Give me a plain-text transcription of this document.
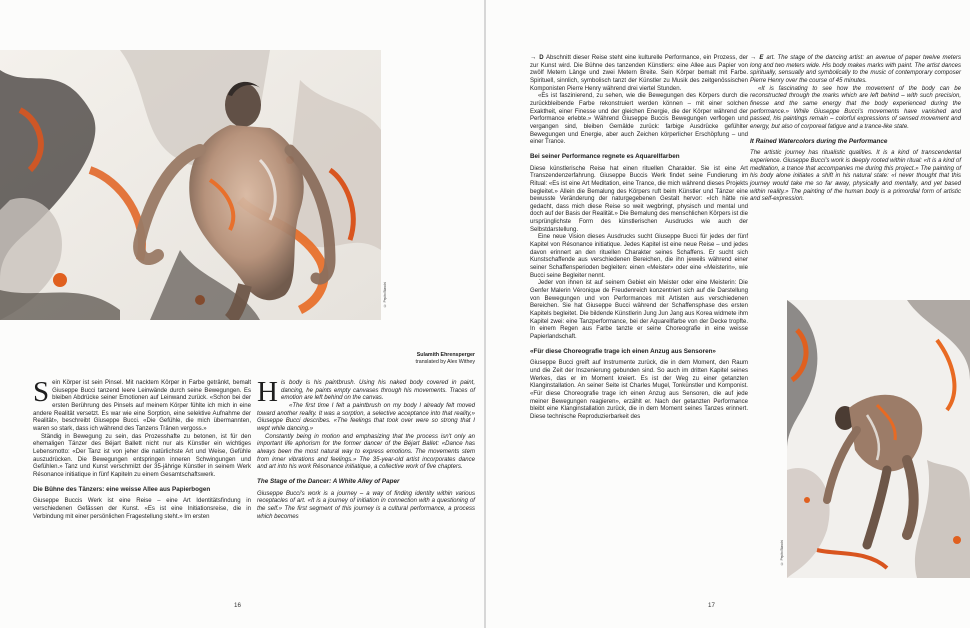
© Pepito Bianchi
Sulamith Ehrensperger
translated by Alex Withey

Sein Körper ist sein Pinsel. Mit nacktem Körper in Farbe getränkt, bemalt Giuseppe Bucci tanzend leere Leinwände durch seine Bewegungen. Es bleiben Abdrücke seiner Emotionen auf Leinwand zurück. «Schon bei der ersten Berührung des Pinsels auf meinem Körper fühlte ich mich in eine andere Realität versetzt. Es war wie eine Sorption, eine selektive Aufnahme der Realität», beschreibt Giuseppe Bucci. «Die Gefühle, die mich übermannten, waren so stark, dass ich während des Tanzens Tränen vergoss.»

Ständig in Bewegung zu sein, das Prozesshafte zu betonen, ist für den ehemaligen Tänzer des Béjart Ballett nicht nur als Künstler ein wichtiges Lebensmotto: «Der Tanz ist von jeher die natürlichste Art und Weise, Gefühle auszudrücken. Die Bewegungen entspringen inneren Schwingungen und Gefühlen.» Tanz und Kunst verschmilzt der 35-jährige Künstler in seinem Werk Résonance initiatique in fünf Kapiteln zu einem Gesamtschaftswerk.

Die Bühne des Tänzers: eine weisse Allee aus Papierbogen

Giuseppe Buccis Werk ist eine Reise – eine Art Identitätsfindung in verschiedenen Gefässen der Kunst. «Es ist eine Initiationsreise, die in Verbindung mit einer persönlichen Fragestellung steht.» Im ersten

His body is his paintbrush. Using his naked body covered in paint, dancing, he paints empty canvases through his movements. Traces of emotion are left behind on the canvas.

«The first time I felt a paintbrush on my body I already felt moved toward another reality. It was a sorption, a selective acceptance into that reality,» Giuseppe Bucci describes. «The feelings that took over were so strong that I wept while dancing.»

Constantly being in motion and emphasizing that the process isn't only an important life aphorism for the former dancer of the Béjart Ballet: «Dance has always been the most natural way to express emotions. The movements stem from inner vibrations and feelings.» The 35-year-old artist incorporates dance and art into his work Résonance initiatique, a collective work of five chapters.

The Stage of the Dancer: A White Alley of Paper

Giuseppe Bucci's work is a journey – a way of finding identity within various receptacles of art. «It is a journey of initiation in connection with a questioning of the self.» The first segment of this journey is a cultural performance, a process which becomes

16

→ D Abschnitt dieser Reise steht eine kulturelle Performance, ein Prozess, der zur Kunst wird. Die Bühne des tanzenden Künstlers: eine Allee aus Papier von zwölf Metern Länge und zwei Metern Breite. Sein Körper bemalt mit Farbe. Spirituell, sinnlich, symbolisch tanzt der Künstler zu Musik des zeitgenössischen Komponisten Pierre Henry während drei viertel Stunden.

«Es ist faszinierend, zu sehen, wie die Bewegungen des Körpers durch die zurückbleibende Farbe rekonstruiert werden können – mit einer solchen Exaktheit, einer Finesse und der gleichen Energie, die der Körper während der Performance erlebte.» Während Giuseppe Buccis Bewegungen verflogen und vergangen sind, bleiben Gemälde zurück: farbige Ausdrücke gefühlter Bewegungen und Energie, aber auch Zeichen körperlicher Erschöpfung – und einer Trance.

Bei seiner Performance regnete es Aquarellfarben

Diese künstlerische Reise hat einen rituellen Charakter. Sie ist eine Art Transzendenzerfahrung. Giuseppe Buccis Werk findet seine Fundierung im Ritual: «Es ist eine Art Meditation, eine Trance, die mich während dieses Projekts begleitet.» Allein die Bemalung des Körpers ruft beim Künstler und Tänzer eine bewusste Veränderung der naturgegebenen Gestalt hervor: «Ich hätte nie gedacht, dass mich diese Reise so weit wegbringt, physisch und mental und doch auf der Basis der Realität.» Die Bemalung des menschlichen Körpers ist die ursprünglichste Form des künstlerischen Ausdrucks wie auch der Selbstdarstellung.

Eine neue Vision dieses Ausdrucks sucht Giuseppe Bucci für jedes der fünf Kapitel von Résonance initiatique. Jedes Kapitel ist eine neue Reise – und jedes davon erinnert an den rituellen Charakter seines Schaffens. Er sucht sich Kunstschaffende aus verschiedenen Bereichen, die ihn jeweils während einer seiner Schaffensperioden begleiten: einen «Meister» oder eine «Meisterin», wie Bucci seine Begleiter nennt.

Jeder von ihnen ist auf seinem Gebiet ein Meister oder eine Meisterin: Die Genfer Malerin Véronique de Freudenreich konzentriert sich auf die Darstellung von Bewegungen und von Performances mit Artisten aus verschiedenen Bereichen. Sie hat Giuseppe Bucci während der Schaffensphase des ersten Kapitels begleitet. Die bildende Künstlerin Jung Jun Jang aus Korea widmete ihm Kapitel zwei: eine Tanzperformance, bei der Aquarellfarbe von der Decke tropfte. In einem Regen aus Farbe tanzte er seine Choreografie in eine weisse Papierlandschaft.

«Für diese Choreografie trage ich einen Anzug aus Sensoren»

Giuseppe Bucci greift auf Instrumente zurück, die in dem Moment, den Raum und die Zeit der Inszenierung gebunden sind. So auch im dritten Kapitel seines Werkes, das er im Moment kreiert. Es ist der Weg zu einer getanzten Klanginstallation. An seiner Seite ist Charles Mugel, Tonkünstler und Komponist. «Für diese Choreografie trage ich einen Anzug aus Sensoren, die auf jede meiner Bewegungen reagieren», erzählt er. Nach der getanzten Performance bleibt eine Klanginstallation zurück, die in dem Moment seines Tanzes erinnert. Diese technische Reproduzierbarkeit des

→ E art. The stage of the dancing artist: an avenue of paper twelve meters long and two meters wide. His body makes marks with paint. The artist dances spiritually, sensually and symbolically to the music of contemporary composer Pierre Henry over the course of 45 minutes.

«It is fascinating to see how the movement of the body can be reconstructed through the marks which are left behind – with such precision, finesse and the same energy that the body experienced during the performance.» While Giuseppe Bucci's movements have vanished and passed, his paintings remain – colorful expressions of sensed movement and energy, but also of corporeal fatigue and a trance-like state.

It Rained Watercolors during the Performance

The artistic journey has ritualistic qualities. It is a kind of transcendental experience. Giuseppe Bucci's work is deeply rooted within ritual: «It is a kind of meditation, a trance that accompanies me during this project.» The painting of his body alone initiates a shift in his natural state: «I never thought that this journey would take me so far away, physically and mentally, and yet based within reality.» The painting of the human body is a primordial form of artistic and self-expression.

© Pepito Bianchi
17
